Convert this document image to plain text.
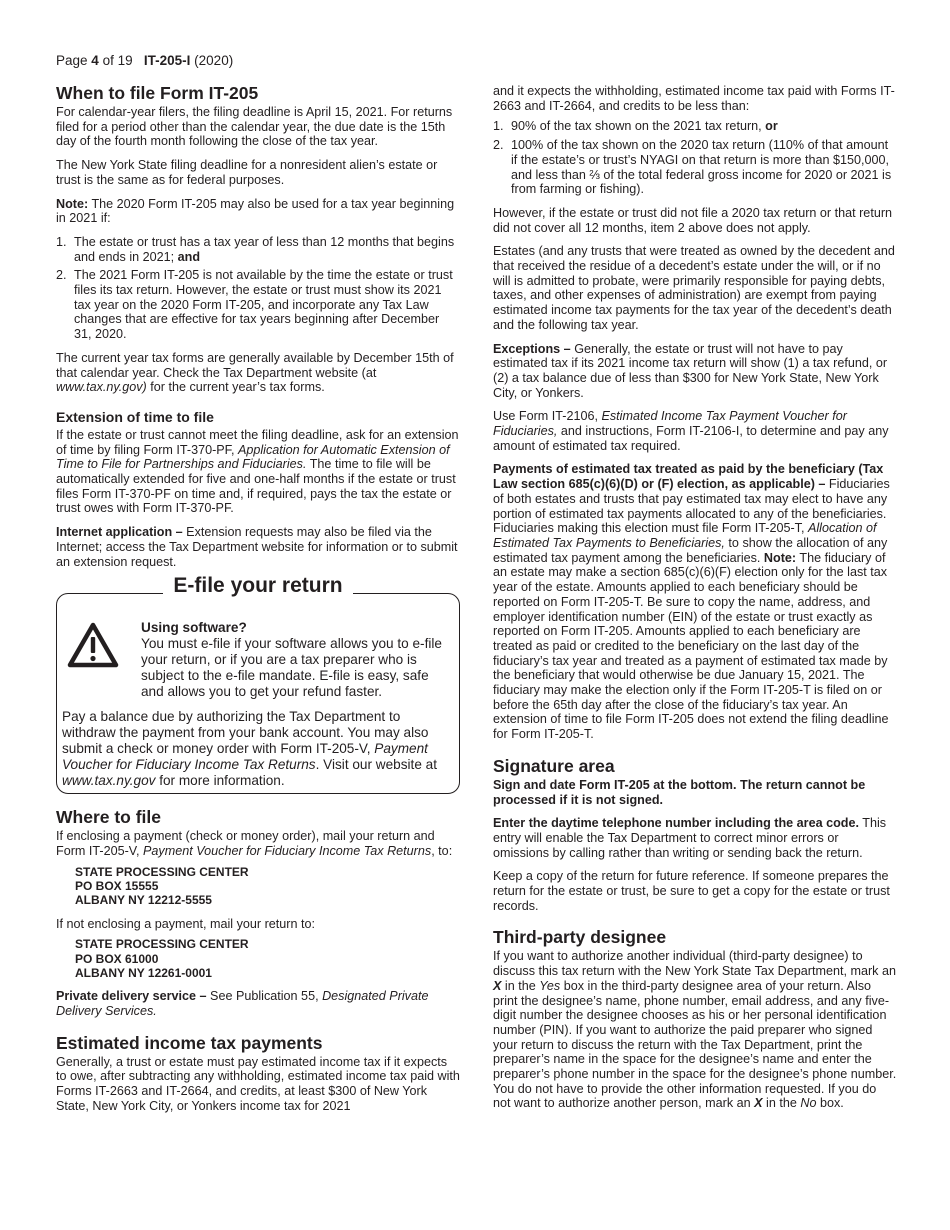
Page 4 of 19 IT-205-I (2020)
When to file Form IT-205

For calendar-year filers, the filing deadline is April 15, 2021. For returns filed for a period other than the calendar year, the due date is the 15th day of the fourth month following the close of the tax year.

The New York State filing deadline for a nonresident alien’s estate or trust is the same as for federal purposes.

Note: The 2020 Form IT-205 may also be used for a tax year beginning in 2021 if:

1. The estate or trust has a tax year of less than 12 months that begins and ends in 2021; and
2. The 2021 Form IT-205 is not available by the time the estate or trust files its tax return. However, the estate or trust must show its 2021 tax year on the 2020 Form IT-205, and incorporate any Tax Law changes that are effective for tax years beginning after December 31, 2020.

The current year tax forms are generally available by December 15th of that calendar year. Check the Tax Department website (at www.tax.ny.gov) for the current year’s tax forms.

Extension of time to file

If the estate or trust cannot meet the filing deadline, ask for an extension of time by filing Form IT-370-PF, Application for Automatic Extension of Time to File for Partnerships and Fiduciaries. The time to file will be automatically extended for five and one-half months if the estate or trust files Form IT-370-PF on time and, if required, pays the tax the estate or trust owes with Form IT-370-PF.

Internet application – Extension requests may also be filed via the Internet; access the Tax Department website for information or to submit an extension request.

E-file your return
Using software?
You must e-file if your software allows you to e-file your return, or if you are a tax preparer who is subject to the e-file mandate. E-file is easy, safe and allows you to get your refund faster.
Pay a balance due by authorizing the Tax Department to withdraw the payment from your bank account. You may also submit a check or money order with Form IT-205-V, Payment Voucher for Fiduciary Income Tax Returns. Visit our website at www.tax.ny.gov for more information.
Where to file

If enclosing a payment (check or money order), mail your return and Form IT-205-V, Payment Voucher for Fiduciary Income Tax Returns, to:

STATE PROCESSING CENTER
PO BOX 15555
ALBANY NY 12212-5555

If not enclosing a payment, mail your return to:

STATE PROCESSING CENTER
PO BOX 61000
ALBANY NY 12261-0001

Private delivery service – See Publication 55, Designated Private Delivery Services.

Estimated income tax payments

Generally, a trust or estate must pay estimated income tax if it expects to owe, after subtracting any withholding, estimated income tax paid with Forms IT-2663 and IT-2664, and credits, at least $300 of New York State, New York City, or Yonkers income tax for 2021

and it expects the withholding, estimated income tax paid with Forms IT-2663 and IT-2664, and credits to be less than:

1. 90% of the tax shown on the 2021 tax return, or
2. 100% of the tax shown on the 2020 tax return (110% of that amount if the estate’s or trust’s NYAGI on that return is more than $150,000, and less than ⅔ of the total federal gross income for 2020 or 2021 is from farming or fishing).

However, if the estate or trust did not file a 2020 tax return or that return did not cover all 12 months, item 2 above does not apply.

Estates (and any trusts that were treated as owned by the decedent and that received the residue of a decedent’s estate under the will, or if no will is admitted to probate, were primarily responsible for paying debts, taxes, and other expenses of administration) are exempt from paying estimated income tax payments for the tax year of the decedent’s death and the following tax year.

Exceptions – Generally, the estate or trust will not have to pay estimated tax if its 2021 income tax return will show (1) a tax refund, or (2) a tax balance due of less than $300 for New York State, New York City, or Yonkers.

Use Form IT-2106, Estimated Income Tax Payment Voucher for Fiduciaries, and instructions, Form IT-2106-I, to determine and pay any amount of estimated tax required.

Payments of estimated tax treated as paid by the beneficiary (Tax Law section 685(c)(6)(D) or (F) election, as applicable) – Fiduciaries of both estates and trusts that pay estimated tax may elect to have any portion of estimated tax payments allocated to any of the beneficiaries. Fiduciaries making this election must file Form IT-205-T, Allocation of Estimated Tax Payments to Beneficiaries, to show the allocation of any estimated tax payment among the beneficiaries. Note: The fiduciary of an estate may make a section 685(c)(6)(F) election only for the last tax year of the estate. Amounts applied to each beneficiary should be reported on Form IT-205-T. Be sure to copy the name, address, and employer identification number (EIN) of the estate or trust exactly as reported on Form IT-205. Amounts applied to each beneficiary are treated as paid or credited to the beneficiary on the last day of the fiduciary’s tax year and treated as a payment of estimated tax made by the beneficiary that would otherwise be due January 15, 2021. The fiduciary may make the election only if the Form IT-205-T is filed on or before the 65th day after the close of the fiduciary’s tax year. An extension of time to file Form IT-205 does not extend the filing deadline for Form IT-205-T.

Signature area

Sign and date Form IT-205 at the bottom. The return cannot be processed if it is not signed.

Enter the daytime telephone number including the area code. This entry will enable the Tax Department to correct minor errors or omissions by calling rather than writing or sending back the return.

Keep a copy of the return for future reference. If someone prepares the return for the estate or trust, be sure to get a copy for the estate or trust records.

Third-party designee

If you want to authorize another individual (third-party designee) to discuss this tax return with the New York State Tax Department, mark an X in the Yes box in the third-party designee area of your return. Also print the designee’s name, phone number, email address, and any five-digit number the designee chooses as his or her personal identification number (PIN). If you want to authorize the paid preparer who signed your return to discuss the return with the Tax Department, print the preparer’s name in the space for the designee’s name and enter the preparer’s phone number in the space for the designee’s phone number. You do not have to provide the other information requested. If you do not want to authorize another person, mark an X in the No box.
